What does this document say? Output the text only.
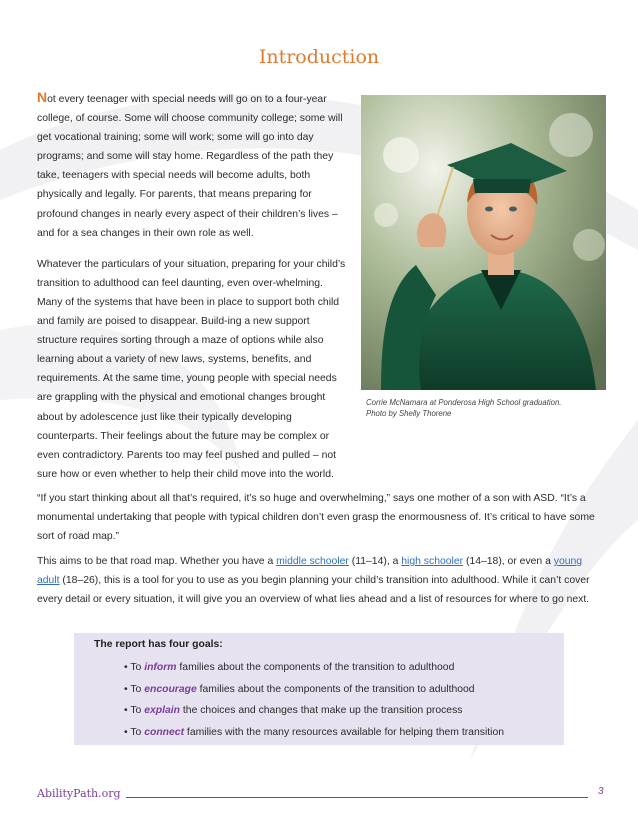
Introduction

Not every teenager with special needs will go on to a four-year college, of course. Some will choose community college; some will get vocational training; some will work; some will go into day programs; and some will stay home. Regardless of the path they take, teenagers with special needs will become adults, both physically and legally. For parents, that means preparing for profound changes in nearly every aspect of their children’s lives – and for a sea changes in their own role as well.

Whatever the particulars of your situation, preparing for your child’s transition to adulthood can feel daunting, even over-whelming. Many of the systems that have been in place to support both child and family are poised to disappear. Build-ing a new support structure requires sorting through a maze of options while also learning about a variety of new laws, systems, benefits, and requirements. At the same time, young people with special needs are grappling with the physical and emotional changes brought about by adolescence just like their typically developing counterparts. Their feelings about the future may be complex or even contradictory. Parents too may feel pushed and pulled – not sure how or even whether to help their child move into the world.

Corrie McNamara at Ponderosa High School graduation.
Photo by Shelly Thorene

“If you start thinking about all that’s required, it’s so huge and overwhelming,” says one mother of a son with ASD. “It’s a monumental undertaking that people with typical children don’t even grasp the enormousness of. It’s critical to have some sort of road map.”

This aims to be that road map. Whether you have a middle schooler (11–14), a high schooler (14–18), or even a young adult (18–26), this is a tool for you to use as you begin planning your child’s transition into adulthood. While it can’t cover every detail or every situation, it will give you an overview of what lies ahead and a list of resources for where to go next.

The report has four goals:
• To inform families about the components of the transition to adulthood
• To encourage families about the components of the transition to adulthood
• To explain the choices and changes that make up the transition process
• To connect families with the many resources available for helping them transition
AbilityPath.org	3
